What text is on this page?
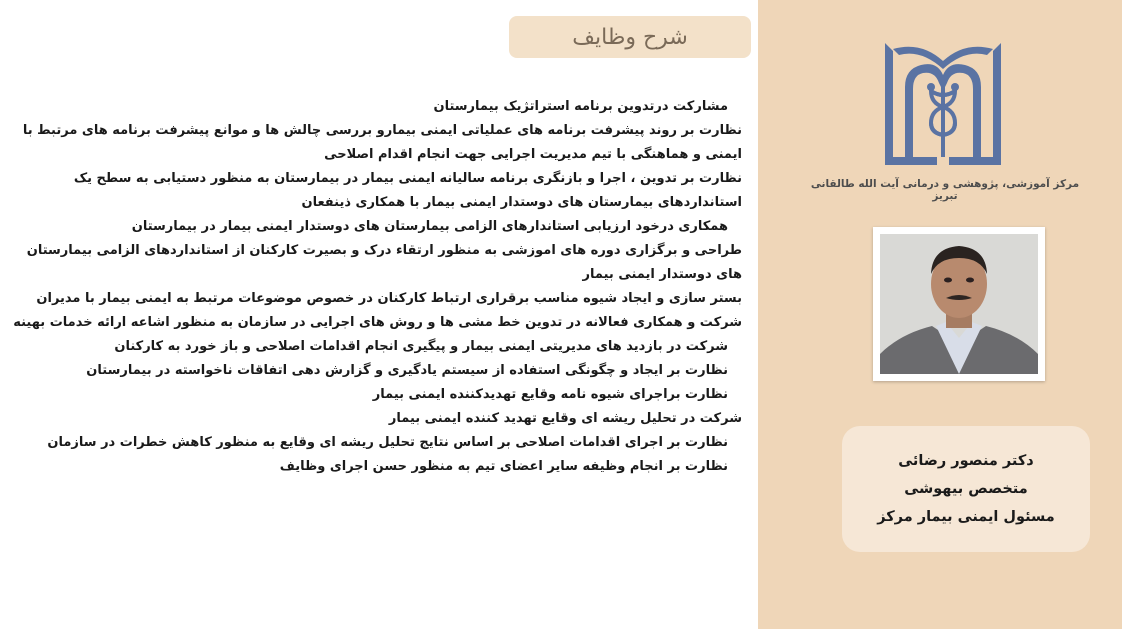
شرح وظایف
مشارکت درتدوین برنامه استراتژیک بیمارستان
نظارت بر روند پیشرفت برنامه های عملیاتی ایمنی بیمارو بررسی چالش ها و موانع پیشرفت برنامه های مرتبط با ایمنی و هماهنگی با تیم مدیریت اجرایی جهت انجام اقدام اصلاحی
نظارت بر تدوین ، اجرا و بازنگری برنامه سالیانه ایمنی بیمار در بیمارستان به منظور دستیابی به سطح یک استانداردهای بیمارستان های دوستدار ایمنی بیمار با همکاری ذینفعان
همکاری درخود ارزیابی استاندارهای الزامی بیمارستان های دوستدار ایمنی بیمار در بیمارستان
طراحی و برگزاری دوره های اموزشی به منظور ارتقاء درک و بصیرت کارکنان از استانداردهای الزامی بیمارستان های دوستدار ایمنی بیمار
بستر سازی و ایجاد شیوه مناسب برقراری ارتباط کارکنان در خصوص موضوعات مرتبط به ایمنی بیمار با مدیران
شرکت و همکاری فعالانه در تدوین خط مشی ها و روش های اجرایی در سازمان به منظور اشاعه ارائه خدمات بهینه
شرکت در بازدید های مدیریتی ایمنی بیمار و پیگیری انجام اقدامات اصلاحی و باز خورد به کارکنان
نظارت بر ایجاد و چگونگی استفاده از سیستم یادگیری و گزارش دهی اتفاقات ناخواسته در بیمارستان
نظارت براجرای شیوه نامه وقایع تهدیدکننده ایمنی بیمار
شرکت در تحلیل ریشه ای وقایع تهدید کننده ایمنی بیمار
نظارت بر اجرای اقدامات اصلاحی بر اساس نتایج تحلیل ریشه ای وقایع به منظور کاهش خطرات در سازمان
نظارت بر انجام وظیفه سایر اعضای تیم به منظور حسن اجرای وظایف
مرکز آموزشی، پژوهشی و درمانی آیت الله طالقانی تبریز
دکتر منصور رضائی
متخصص بیهوشی
مسئول ایمنی بیمار مرکز
